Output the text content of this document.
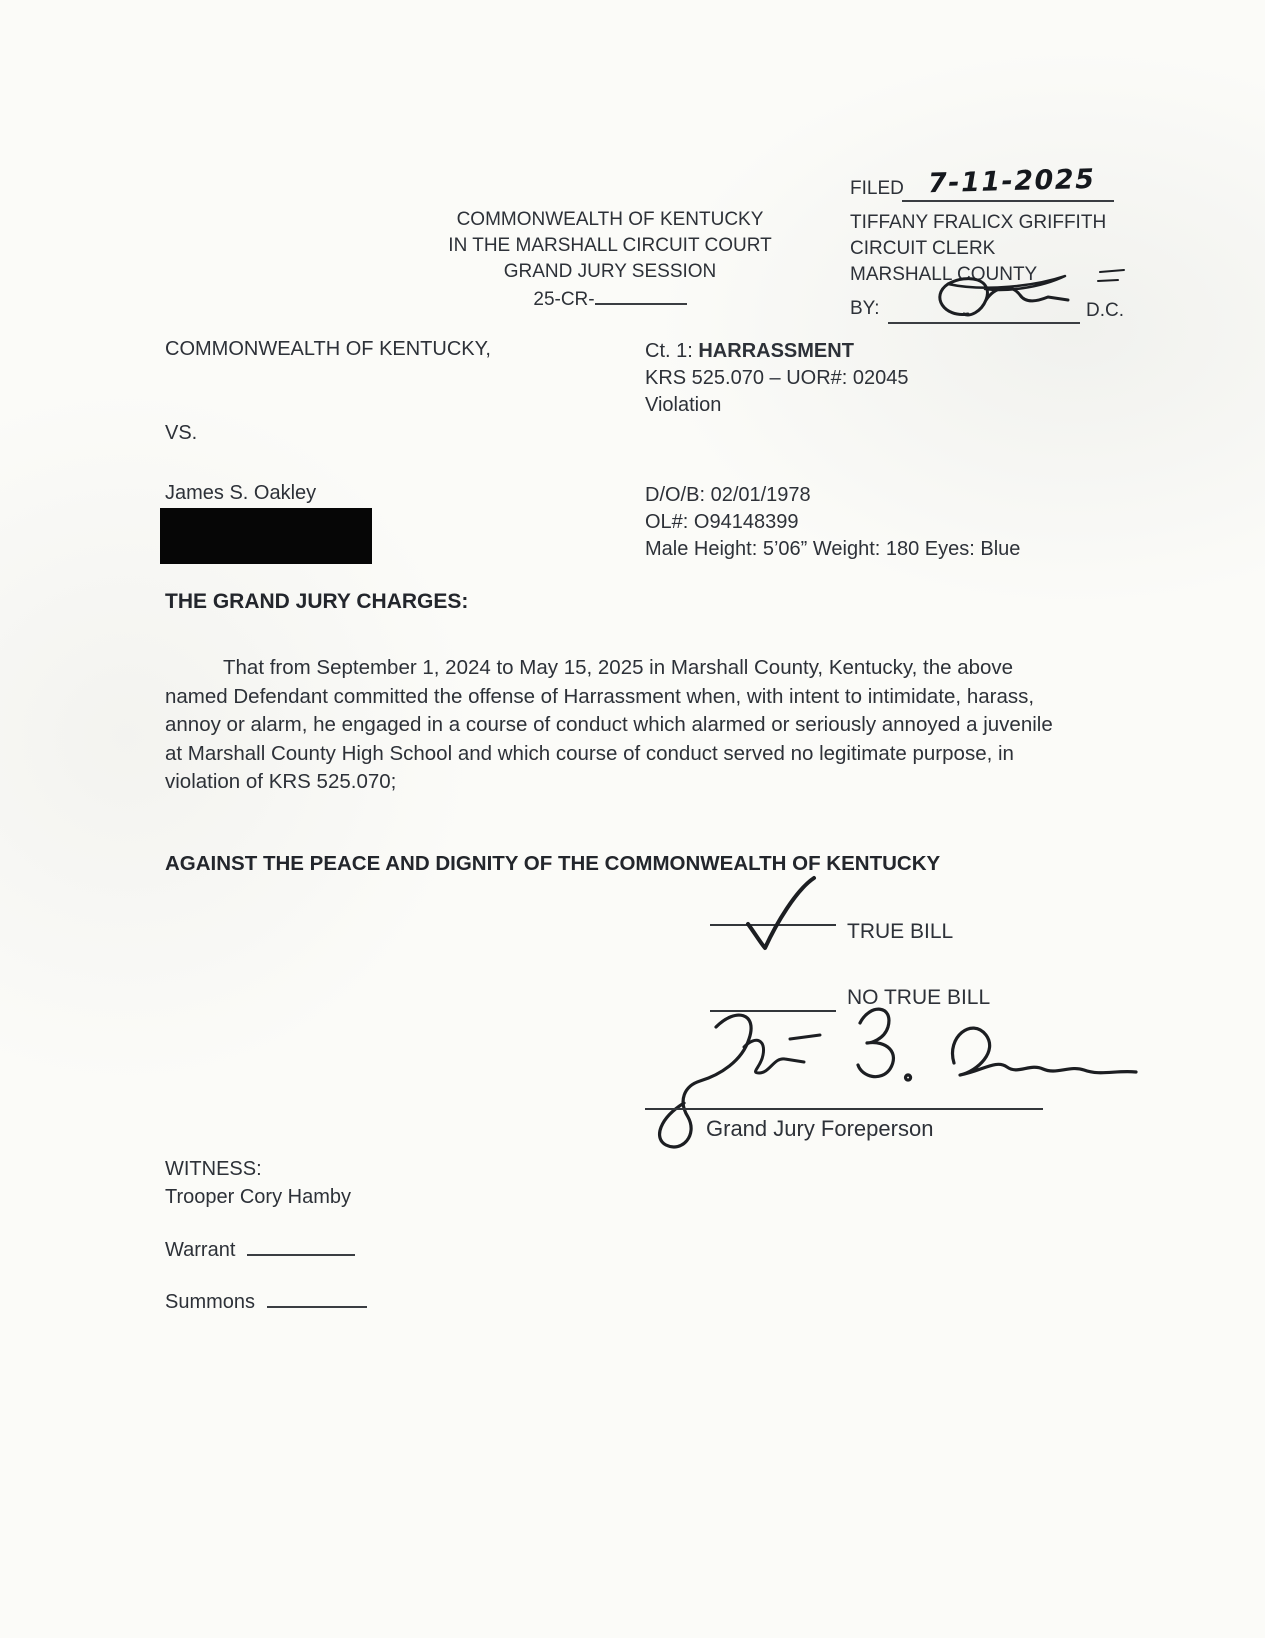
COMMONWEALTH OF KENTUCKY
IN THE MARSHALL CIRCUIT COURT
GRAND JURY SESSION
25-CR-
FILED 7-11-2025
TIFFANY FRALICX GRIFFITH
CIRCUIT CLERK
MARSHALL COUNTY
BY:	D.C.
COMMONWEALTH OF KENTUCKY,
VS.
James S. Oakley
Ct. 1: HARRASSMENT
KRS 525.070 – UOR#: 02045
Violation
D/O/B: 02/01/1978
OL#: O94148399
Male Height: 5’06” Weight: 180 Eyes: Blue
THE GRAND JURY CHARGES:
That from September 1, 2024 to May 15, 2025 in Marshall County, Kentucky, the above named Defendant committed the offense of Harrassment when, with intent to intimidate, harass, annoy or alarm, he engaged in a course of conduct which alarmed or seriously annoyed a juvenile at Marshall County High School and which course of conduct served no legitimate purpose, in violation of KRS 525.070;
AGAINST THE PEACE AND DIGNITY OF THE COMMONWEALTH OF KENTUCKY
TRUE BILL
NO TRUE BILL
Grand Jury Foreperson
WITNESS:
Trooper Cory Hamby
Warrant
Summons
